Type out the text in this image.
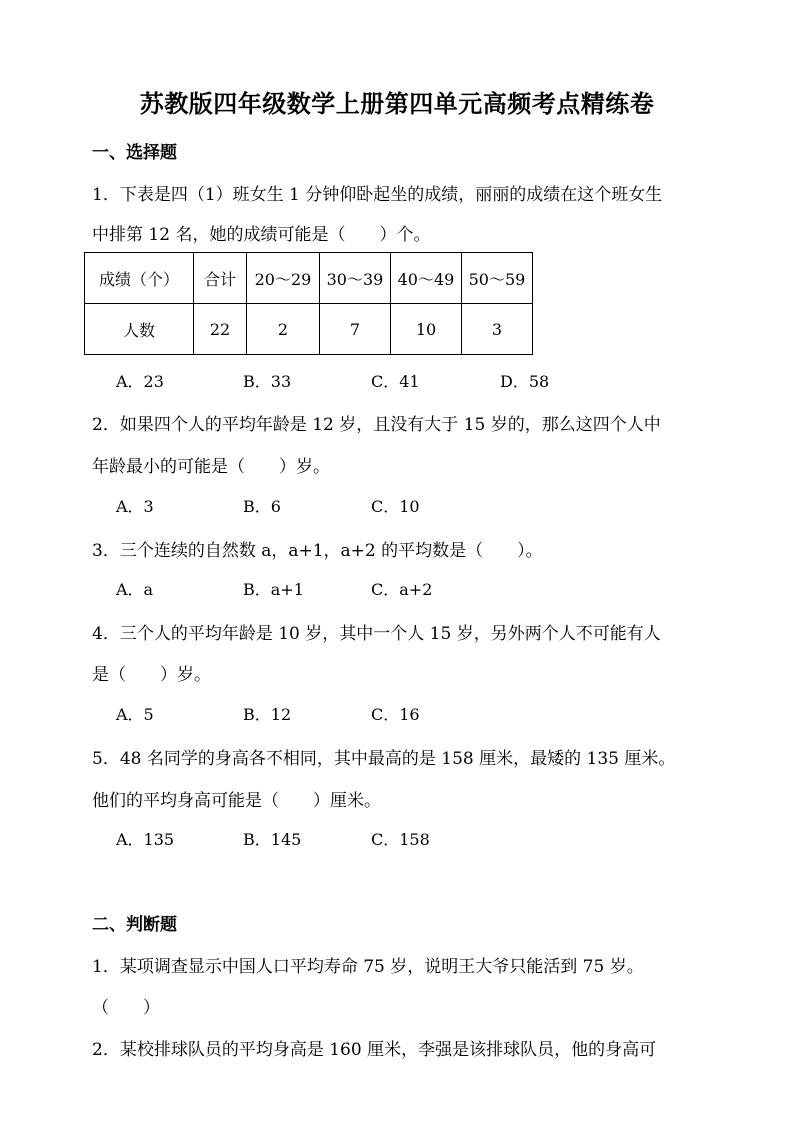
苏教版四年级数学上册第四单元高频考点精练卷
一、选择题
1．下表是四（1）班女生 1 分钟仰卧起坐的成绩，丽丽的成绩在这个班女生
中排第 12 名，她的成绩可能是（　　）个。
成绩（个）	合计	20～29	30～39	40～49	50～59
人数	22	2	7	10	3
A．23	B．33	C．41	D．58
2．如果四个人的平均年龄是 12 岁，且没有大于 15 岁的，那么这四个人中
年龄最小的可能是（　　）岁。
A．3	B．6	C．10
3．三个连续的自然数 a，a+1，a+2 的平均数是（　　）。
A．a	B．a+1	C．a+2
4．三个人的平均年龄是 10 岁，其中一个人 15 岁，另外两个人不可能有人
是（　　）岁。
A．5	B．12	C．16
5．48 名同学的身高各不相同，其中最高的是 158 厘米，最矮的 135 厘米。
他们的平均身高可能是（　　）厘米。
A．135	B．145	C．158
二、判断题
1．某项调查显示中国人口平均寿命 75 岁，说明王大爷只能活到 75 岁。
（　　）
2．某校排球队员的平均身高是 160 厘米，李强是该排球队员，他的身高可
